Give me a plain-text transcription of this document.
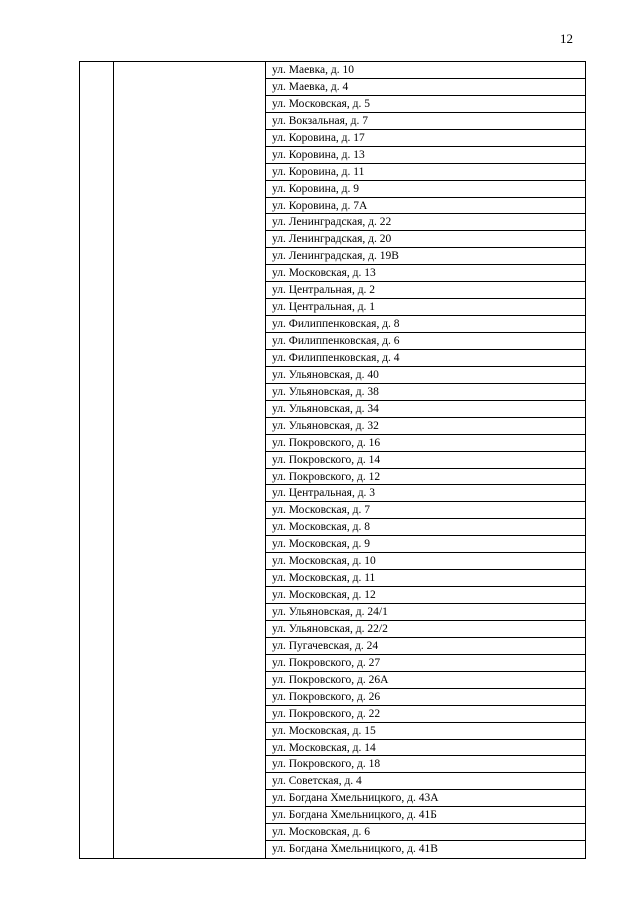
12
ул. Маевка, д. 10
ул. Маевка, д. 4
ул. Московская, д. 5
ул. Вокзальная, д. 7
ул. Коровина, д. 17
ул. Коровина, д. 13
ул. Коровина, д. 11
ул. Коровина, д. 9
ул. Коровина, д. 7А
ул. Ленинградская, д. 22
ул. Ленинградская, д. 20
ул. Ленинградская, д. 19В
ул. Московская, д. 13
ул. Центральная, д. 2
ул. Центральная, д. 1
ул. Филиппенковская, д. 8
ул. Филиппенковская, д. 6
ул. Филиппенковская, д. 4
ул. Ульяновская, д. 40
ул. Ульяновская, д. 38
ул. Ульяновская, д. 34
ул. Ульяновская, д. 32
ул. Покровского, д. 16
ул. Покровского, д. 14
ул. Покровского, д. 12
ул. Центральная, д. 3
ул. Московская, д. 7
ул. Московская, д. 8
ул. Московская, д. 9
ул. Московская, д. 10
ул. Московская, д. 11
ул. Московская, д. 12
ул. Ульяновская, д. 24/1
ул. Ульяновская, д. 22/2
ул. Пугачевская, д. 24
ул. Покровского, д. 27
ул. Покровского, д. 26А
ул. Покровского, д. 26
ул. Покровского, д. 22
ул. Московская, д. 15
ул. Московская, д. 14
ул. Покровского, д. 18
ул. Советская, д. 4
ул. Богдана Хмельницкого, д. 43А
ул. Богдана Хмельницкого, д. 41Б
ул. Московская, д. 6
ул. Богдана Хмельницкого, д. 41В
